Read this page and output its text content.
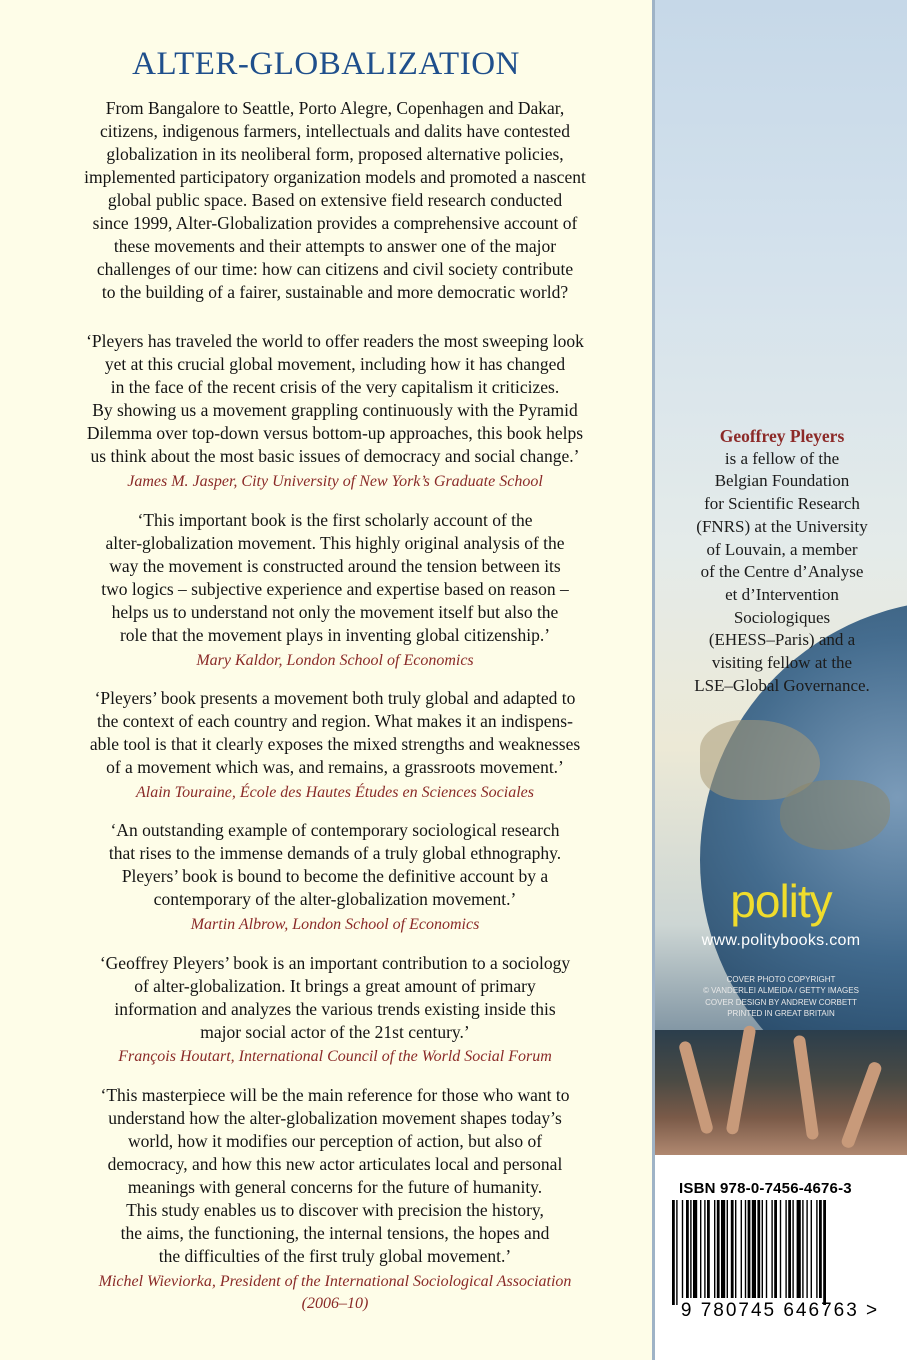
ALTER-GLOBALIZATION
From Bangalore to Seattle, Porto Alegre, Copenhagen and Dakar,
citizens, indigenous farmers, intellectuals and dalits have contested
globalization in its neoliberal form, proposed alternative policies,
implemented participatory organization models and promoted a nascent
global public space. Based on extensive field research conducted
since 1999, Alter-Globalization provides a comprehensive account of
these movements and their attempts to answer one of the major
challenges of our time: how can citizens and civil society contribute
to the building of a fairer, sustainable and more democratic world?
‘Pleyers has traveled the world to offer readers the most sweeping look
yet at this crucial global movement, including how it has changed
in the face of the recent crisis of the very capitalism it criticizes.
By showing us a movement grappling continuously with the Pyramid
Dilemma over top-down versus bottom-up approaches, this book helps
us think about the most basic issues of democracy and social change.’
James M. Jasper, City University of New York’s Graduate School
‘This important book is the first scholarly account of the
alter-globalization movement. This highly original analysis of the
way the movement is constructed around the tension between its
two logics – subjective experience and expertise based on reason –
helps us to understand not only the movement itself but also the
role that the movement plays in inventing global citizenship.’
Mary Kaldor, London School of Economics
‘Pleyers’ book presents a movement both truly global and adapted to
the context of each country and region. What makes it an indispens-
able tool is that it clearly exposes the mixed strengths and weaknesses
of a movement which was, and remains, a grassroots movement.’
Alain Touraine, École des Hautes Études en Sciences Sociales
‘An outstanding example of contemporary sociological research
that rises to the immense demands of a truly global ethnography.
Pleyers’ book is bound to become the definitive account by a
contemporary of the alter-globalization movement.’
Martin Albrow, London School of Economics
‘Geoffrey Pleyers’ book is an important contribution to a sociology
of alter-globalization. It brings a great amount of primary
information and analyzes the various trends existing inside this
major social actor of the 21st century.’
François Houtart, International Council of the World Social Forum
‘This masterpiece will be the main reference for those who want to
understand how the alter-globalization movement shapes today’s
world, how it modifies our perception of action, but also of
democracy, and how this new actor articulates local and personal
meanings with general concerns for the future of humanity.
This study enables us to discover with precision the history,
the aims, the functioning, the internal tensions, the hopes and
the difficulties of the first truly global movement.’
Michel Wieviorka, President of the International Sociological Association
(2006–10)
Geoffrey Pleyers
is a fellow of the
Belgian Foundation
for Scientific Research
(FNRS) at the University
of Louvain, a member
of the Centre d’Analyse
et d’Intervention
Sociologiques
(EHESS–Paris) and a
visiting fellow at the
LSE–Global Governance.
polity
www.politybooks.com
COVER PHOTO COPYRIGHT
© VANDERLEI ALMEIDA / GETTY IMAGES
COVER DESIGN BY ANDREW CORBETT
PRINTED IN GREAT BRITAIN
ISBN 978-0-7456-4676-3
9 780745 646763 >
